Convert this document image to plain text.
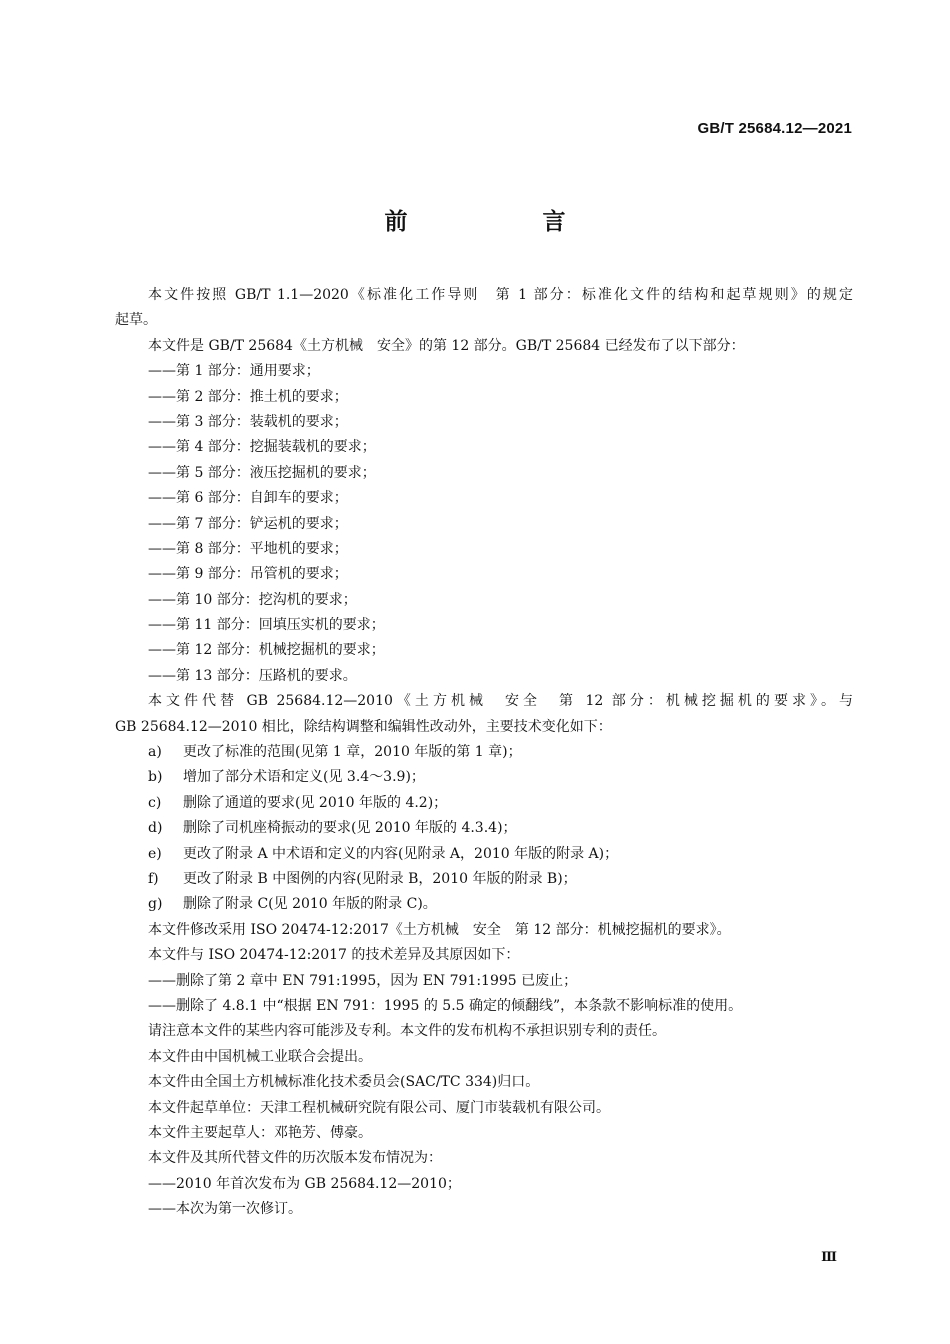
GB/T 25684.12—2021
前　言
本文件按照 GB/T 1.1—2020《标准化工作导则　第 1 部分：标准化文件的结构和起草规则》的规定
起草。
本文件是 GB/T 25684《土方机械　安全》的第 12 部分。GB/T 25684 已经发布了以下部分：
——第 1 部分：通用要求；
——第 2 部分：推土机的要求；
——第 3 部分：装载机的要求；
——第 4 部分：挖掘装载机的要求；
——第 5 部分：液压挖掘机的要求；
——第 6 部分：自卸车的要求；
——第 7 部分：铲运机的要求；
——第 8 部分：平地机的要求；
——第 9 部分：吊管机的要求；
——第 10 部分：挖沟机的要求；
——第 11 部分：回填压实机的要求；
——第 12 部分：机械挖掘机的要求；
——第 13 部分：压路机的要求。
本文件代替 GB 25684.12—2010《土方机械　安全　第 12 部分：机械挖掘机的要求》。与
GB 25684.12—2010 相比，除结构调整和编辑性改动外，主要技术变化如下：
a) 更改了标准的范围(见第 1 章，2010 年版的第 1 章)；
b) 增加了部分术语和定义(见 3.4～3.9)；
c) 删除了通道的要求(见 2010 年版的 4.2)；
d) 删除了司机座椅振动的要求(见 2010 年版的 4.3.4)；
e) 更改了附录 A 中术语和定义的内容(见附录 A，2010 年版的附录 A)；
f) 更改了附录 B 中图例的内容(见附录 B，2010 年版的附录 B)；
g) 删除了附录 C(见 2010 年版的附录 C)。
本文件修改采用 ISO 20474-12:2017《土方机械　安全　第 12 部分：机械挖掘机的要求》。
本文件与 ISO 20474-12:2017 的技术差异及其原因如下：
——删除了第 2 章中 EN 791:1995，因为 EN 791:1995 已废止；
——删除了 4.8.1 中“根据 EN 791：1995 的 5.5 确定的倾翻线”，本条款不影响标准的使用。
请注意本文件的某些内容可能涉及专利。本文件的发布机构不承担识别专利的责任。
本文件由中国机械工业联合会提出。
本文件由全国土方机械标准化技术委员会(SAC/TC 334)归口。
本文件起草单位：天津工程机械研究院有限公司、厦门市装载机有限公司。
本文件主要起草人：邓艳芳、傅豪。
本文件及其所代替文件的历次版本发布情况为：
——2010 年首次发布为 GB 25684.12—2010；
——本次为第一次修订。
Ⅲ
